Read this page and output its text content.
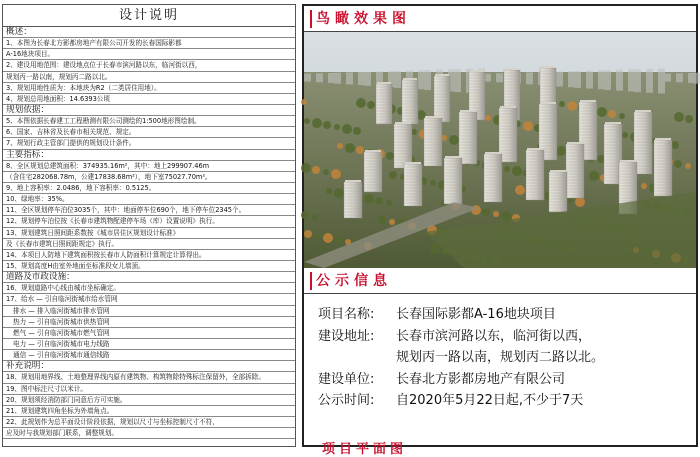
设计说明
概述：
1、本图为长春北方影都房地产有限公司开发的长春国际影都
A-16地块项目。
2、建设用地范围：建设地点位于长春市滨河路以东，临河街以西，
规划丙一路以南，规划丙二路以北。
3、规划用地性质为：本地块为R2（二类居住用地）。
4、规划总用地面积：14.6393公顷
规划依据：
5、本图依据长春建工工程勘测有限公司测绘的1:500地形图绘制。
6、国家、吉林省及长春市相关规范、规定。
7、规划行政主管部门提供的规划设计条件。
主要指标：
8、全区规划总建筑面积：374935.16m²，其中：地上299907.46m
（含住宅282068.78m，公建17838.68m²），地下室75027.70m²。
9、地上容积率：2.0486，地下容积率：0.5125。
10、绿地率：35%。
11、全区规划停车泊位3035个，其中：地面停车位690个，地下停车位2345个。
12、规划停车泊位按《长春市建筑物配建停车场（库）设置说明》执行。
13、规划建筑日照间距系数按《城市居住区规划设计标准》
及《长春市建筑日照间距规定》执行。
14、本项目人防地下建筑面积按长春市人防面积计算规定计算得出。
15、规划高度H由室外地面至标准段女儿墙顶。
道路及市政设施：
16、规划道路中心线由城市坐标确定。
17、给水 — 引自临河街城市给水管网
排水 — 排入临河街城市排水管网
热力 — 引自临河街城市供热管网
燃气 — 引自临河街城市燃气管网
电力 — 引自临河街城市电力线路
通信 — 引自临河街城市通信线路
补充说明：
18、规划用地界线、土地整理界线内原有建筑物、构筑物除特殊标注保留外，全部拆除。
19、图中标注尺寸以米计。
20、规划须经消防部门同意后方可实施。
21、规划建筑四角坐标为外墙角点。
22、此规划作为总平面设计阶段依据，规划以尺寸与坐标控制尺寸不符，
应及时与我规划部门联系，调整规划。
鸟瞰效果图
公示信息
项目名称:	长春国际影都A-16地块项目
建设地址:	长春市滨河路以东，临河街以西，
规划丙一路以南，规划丙二路以北。
建设单位:	长春北方影都房地产有限公司
公示时间:	自2020年5月22日起,不少于7天
项目平面图
